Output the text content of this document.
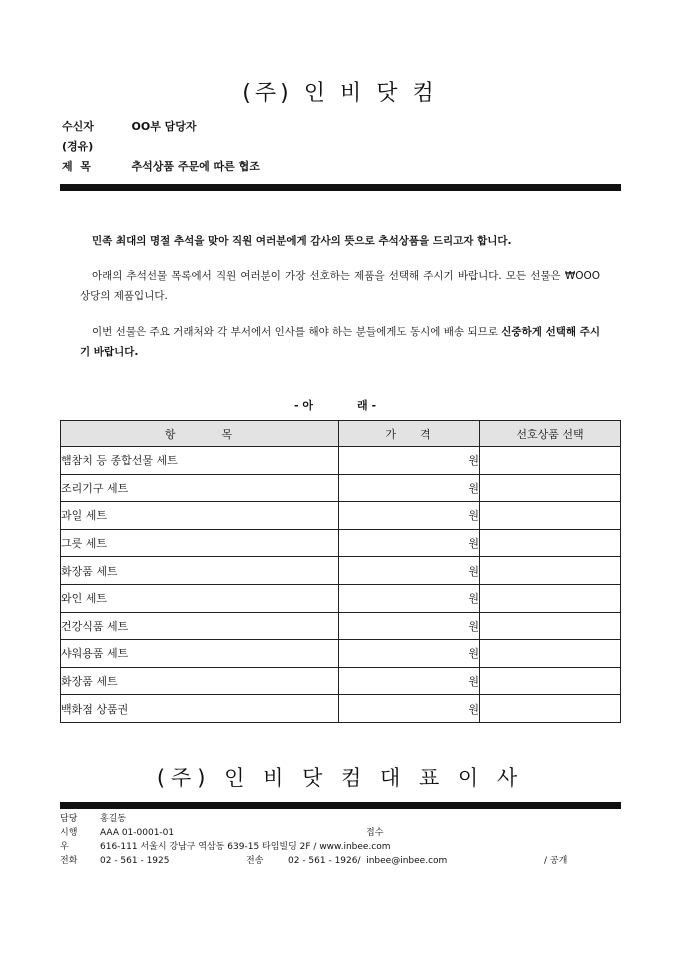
(주) 인 비 닷 컴
수신자	OO부 담당자
(경유)
제  목	추석상품 주문에 따른 협조

민족 최대의 명절 추석을 맞아 직원 여러분에게 감사의 뜻으로 추석상품을 드리고자 합니다.

아래의 추석선물 목록에서 직원 여러분이 가장 선호하는 제품을 선택해 주시기 바랍니다. 모든 선물은 ₩OOO 상당의 제품입니다.

이번 선물은 주요 거래처와 각 부서에서 인사를 해야 하는 분들에게도 동시에 배송 되므로 신중하게 선택해 주시기 바랍니다.

- 아	래 -
항        목	가    격	선호상품 선택
햄참치 등 종합선물 세트	원	
조리기구 세트	원	
과일 세트	원	
그릇 세트	원	
화장품 세트	원	
와인 세트	원	
건강식품 세트	원	
샤워용품 세트	원	
화장품 세트	원	
백화점 상품권	원	
(주) 인 비 닷 컴 대 표 이 사
담당	홍길동
시행	AAA 01-0001-01	접수
우	616-111 서울시 강남구 역삼동 639-15 타임빌딩 2F / www.inbee.com
전화	02 - 561 - 1925	전송	02 - 561 - 1926/  inbee@inbee.com	/ 공개
